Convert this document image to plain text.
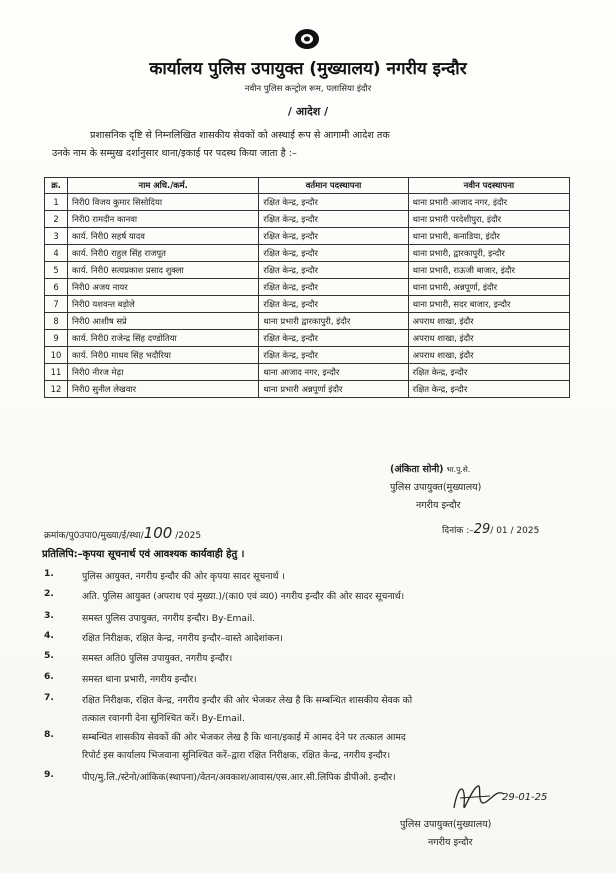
कार्यालय पुलिस उपायुक्त (मुख्यालय) नगरीय इन्दौर
नवीन पुलिस कन्ट्रोल रूम, पलासिया इंदौर
/ आदेश /
प्रशासनिक दृष्टि से निम्नलिखित शासकीय सेवकों को अस्थाई रूप से आगामी आदेश तक
उनके नाम के सम्मुख दर्शानुसार थाना/इकाई पर पदस्थ किया जाता है :–
क्र.	नाम अधि./कर्म.	वर्तमान पदस्थापना	नवीन पदस्थापना
1	निरी0 विजय कुमार सिसोदिया	रक्षित केन्द्र, इन्दौर	थाना प्रभारी आजाद नगर, इंदौर
2	निरी0 रामदीन कानवा	रक्षित केन्द्र, इन्दौर	थाना प्रभारी परदेशीपुरा, इंदौर
3	कार्य. निरी0 सहर्ष यादव	रक्षित केन्द्र, इन्दौर	थाना प्रभारी, कनाडिया, इंदौर
4	कार्य. निरी0 राहुल सिंह राजपूत	रक्षित केन्द्र, इन्दौर	थाना प्रभारी, द्वारकापुरी, इन्दौर
5	कार्य. निरी0 सत्यप्रकाश प्रसाद शुक्ला	रक्षित केन्द्र, इन्दौर	थाना प्रभारी, राऊजी बाजार, इंदौर
6	निरी0 अजय नायर	रक्षित केन्द्र, इन्दौर	थाना प्रभारी, अन्नपूर्णा, इंदौर
7	निरी0 यशवन्त बड़ोले	रक्षित केन्द्र, इन्दौर	थाना प्रभारी, सदर बाजार, इन्दौर
8	निरी0 आशीष सप्रे	थाना प्रभारी द्वारकापुरी, इंदौर	अपराध शाखा, इंदौर
9	कार्य. निरी0 राजेन्द्र सिंह दण्डोतिया	रक्षित केन्द्र, इन्दौर	अपराध शाखा, इंदौर
10	कार्य. निरी0 माधव सिंह भदौरिया	रक्षित केन्द्र, इन्दौर	अपराध शाखा, इंदौर
11	निरी0 नीरज मेढ़ा	थाना आजाद नगर, इन्दौर	रक्षित केन्द्र, इन्दौर
12	निरी0 सुनील लेखवार	थाना प्रभारी अन्नपूर्णा इंदौर	रक्षित केन्द्र, इन्दौर
(अंकिता सोनी) भा.पु.से.
पुलिस उपायुक्त(मुख्यालय)
नगरीय इन्दौर
क्रमांक/पु0उपा0/मुख्या/ई/स्था/100 /2025	दिनांक :–29/ 01 / 2025
प्रतिलिपि:–कृपया सूचनार्थ एवं आवश्यक कार्यवाही हेतु ।
1.	पुलिस आयुक्त, नगरीय इन्दौर की ओर कृपया सादर सूचनार्थ ।
2.	अति. पुलिस आयुक्त (अपराध एवं मुख्या.)/(का0 एवं व्य0) नगरीय इन्दौर की ओर सादर सूचनार्थ।
3.	समस्त पुलिस उपायुक्त, नगरीय इन्दौर। By-Email.
4.	रक्षित निरीक्षक, रक्षित केन्द्र, नगरीय इन्दौर–वास्ते आदेशांकन।
5.	समस्त अति0 पुलिस उपायुक्त, नगरीय इन्दौर।
6.	समस्त थाना प्रभारी, नगरीय इन्दौर।
7.	रक्षित निरीक्षक, रक्षित केन्द्र, नगरीय इन्दौर की ओर भेजकर लेख है कि सम्बन्धित शासकीय सेवक को
तत्काल रवानगी देना सुनिश्चित करें। By-Email.
8.	सम्बन्धित शासकीय सेवकों की ओर भेजकर लेख है कि थाना/इकाई में आमद देने पर तत्काल आमद
रिपोर्ट इस कार्यालय भिजवाना सुनिश्चित करें–द्वारा रक्षित निरीक्षक, रक्षित केन्द्र, नगरीय इन्दौर।
9.	पीए/मु.लि./स्टेनो/आंकिक(स्थापना)/वेतन/अवकाश/आवास/एस.आर.सी.लिपिक डीपीओ. इन्दौर।
29-01-25
पुलिस उपायुक्त(मुख्यालय)
नगरीय इन्दौर
